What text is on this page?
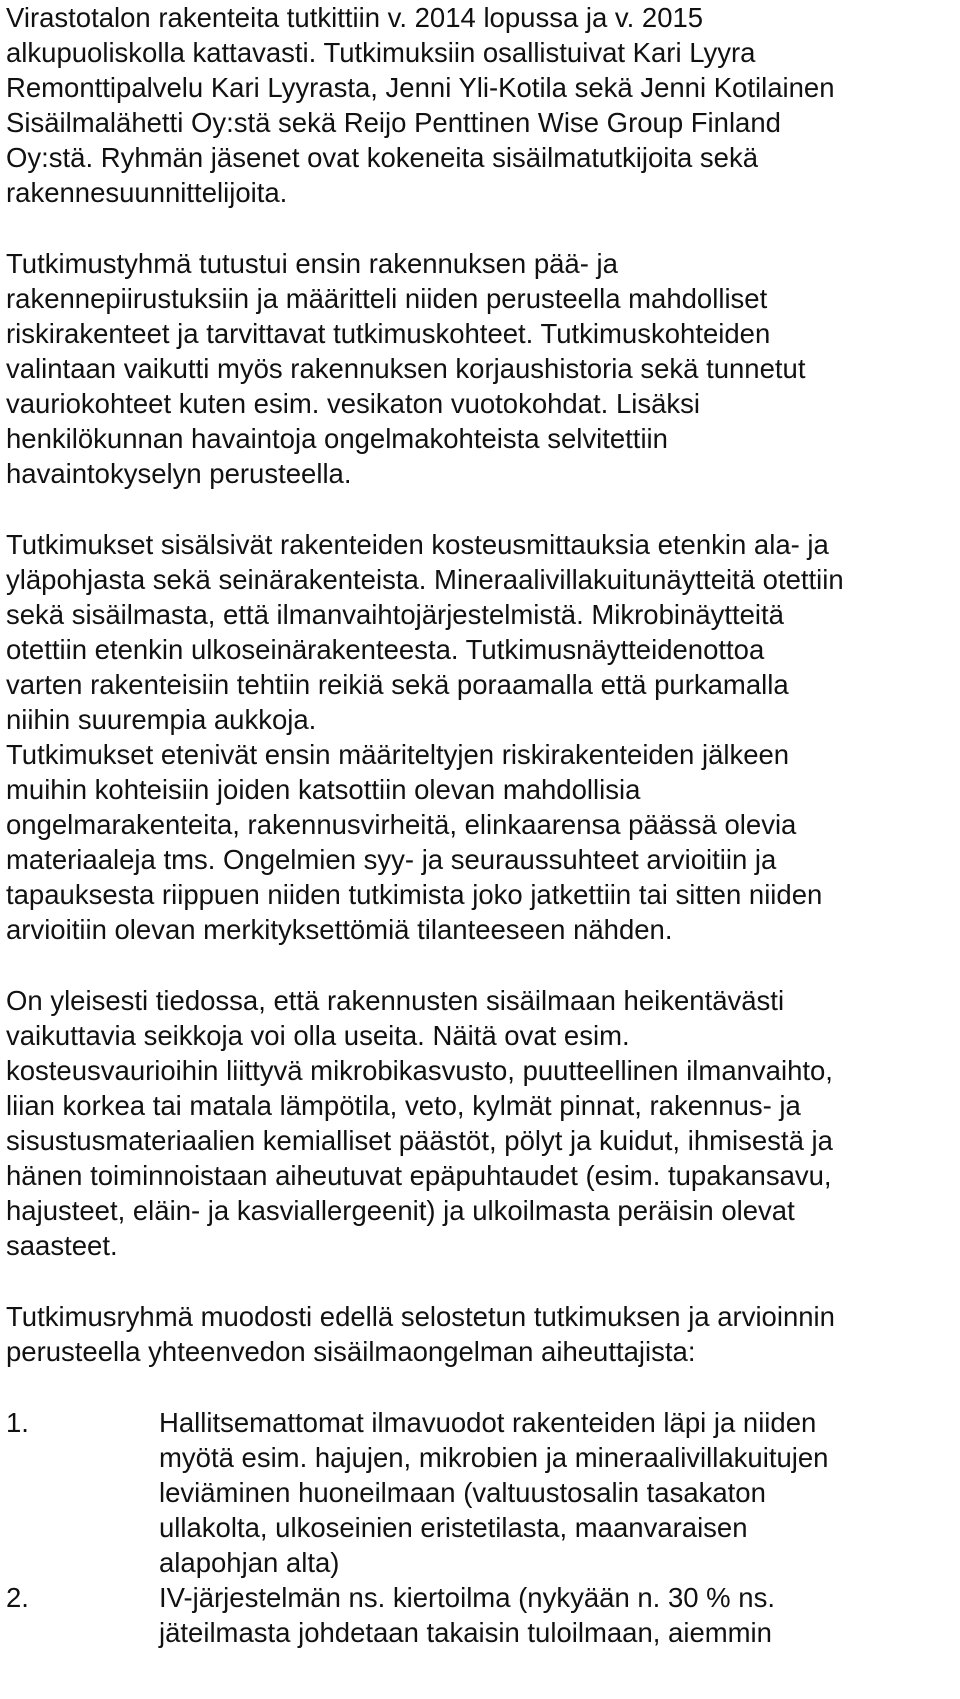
Virastotalon rakenteita tutkittiin v. 2014 lopussa ja v. 2015
alkupuoliskolla kattavasti. Tutkimuksiin osallistuivat Kari Lyyra
Remonttipalvelu Kari Lyyrasta, Jenni Yli-Kotila sekä Jenni Kotilainen
Sisäilmalähetti Oy:stä sekä Reijo Penttinen Wise Group Finland
Oy:stä. Ryhmän jäsenet ovat kokeneita sisäilmatutkijoita sekä
rakennesuunnittelijoita.
Tutkimustyhmä tutustui ensin rakennuksen pää- ja
rakennepiirustuksiin ja määritteli niiden perusteella mahdolliset
riskirakenteet ja tarvittavat tutkimuskohteet. Tutkimuskohteiden
valintaan vaikutti myös rakennuksen korjaushistoria sekä tunnetut
vauriokohteet kuten esim. vesikaton vuotokohdat. Lisäksi
henkilökunnan havaintoja ongelmakohteista selvitettiin
havaintokyselyn perusteella.
Tutkimukset sisälsivät rakenteiden kosteusmittauksia etenkin ala- ja
yläpohjasta sekä seinärakenteista. Mineraalivillakuitunäytteitä otettiin
sekä sisäilmasta, että ilmanvaihtojärjestelmistä. Mikrobinäytteitä
otettiin etenkin ulkoseinärakenteesta. Tutkimusnäytteidenottoa
varten rakenteisiin tehtiin reikiä sekä poraamalla että purkamalla
niihin suurempia aukkoja.
Tutkimukset etenivät ensin määriteltyjen riskirakenteiden jälkeen
muihin kohteisiin joiden katsottiin olevan mahdollisia
ongelmarakenteita, rakennusvirheitä, elinkaarensa päässä olevia
materiaaleja tms. Ongelmien syy- ja seuraussuhteet arvioitiin ja
tapauksesta riippuen niiden tutkimista joko jatkettiin tai sitten niiden
arvioitiin olevan merkityksettömiä tilanteeseen nähden.
On yleisesti tiedossa, että rakennusten sisäilmaan heikentävästi
vaikuttavia seikkoja voi olla useita. Näitä ovat esim.
kosteusvaurioihin liittyvä mikrobikasvusto, puutteellinen ilmanvaihto,
liian korkea tai matala lämpötila, veto, kylmät pinnat, rakennus- ja
sisustusmateriaalien kemialliset päästöt, pölyt ja kuidut, ihmisestä ja
hänen toiminnoistaan aiheutuvat epäpuhtaudet (esim. tupakansavu,
hajusteet, eläin- ja kasviallergeenit) ja ulkoilmasta peräisin olevat
saasteet.
Tutkimusryhmä muodosti edellä selostetun tutkimuksen ja arvioinnin
perusteella yhteenvedon sisäilmaongelman aiheuttajista:
1.	Hallitsemattomat ilmavuodot rakenteiden läpi ja niiden
myötä esim. hajujen, mikrobien ja mineraalivillakuitujen
leviäminen huoneilmaan (valtuustosalin tasakaton
ullakolta, ulkoseinien eristetilasta, maanvaraisen
alapohjan alta)
2.	IV-järjestelmän ns. kiertoilma (nykyään n. 30 % ns.
jäteilmasta johdetaan takaisin tuloilmaan, aiemmin
